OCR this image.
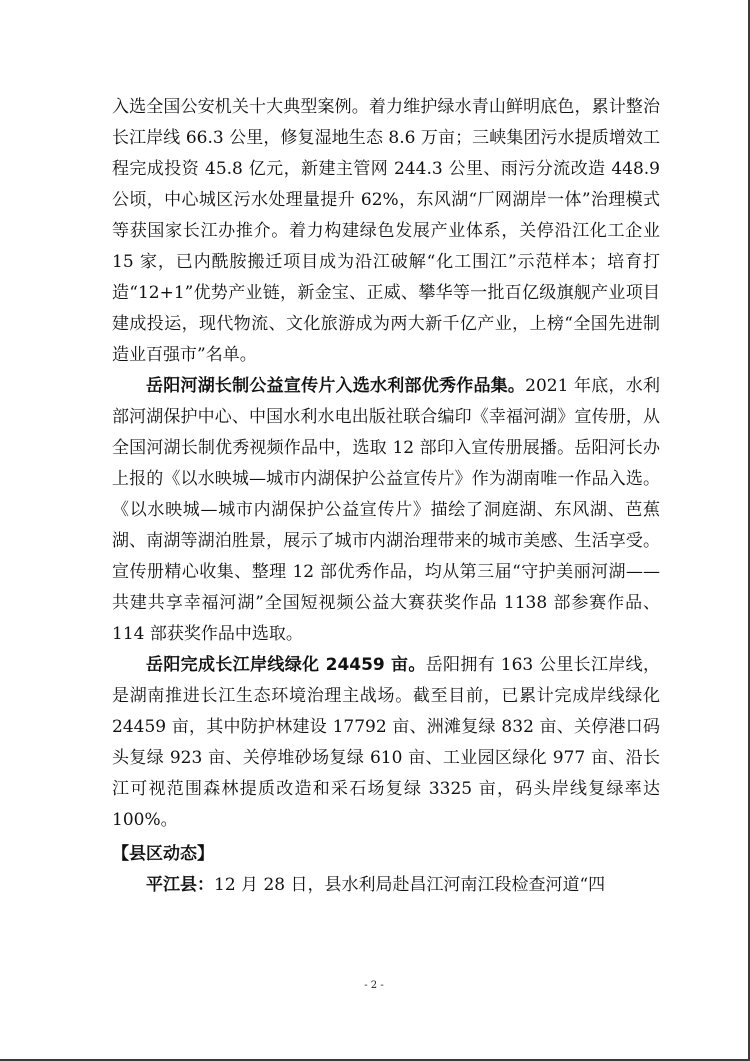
入选全国公安机关十大典型案例。着力维护绿水青山鲜明底色，累计整治长江岸线 66.3 公里，修复湿地生态 8.6 万亩；三峡集团污水提质增效工程完成投资 45.8 亿元，新建主管网 244.3 公里、雨污分流改造 448.9 公顷，中心城区污水处理量提升 62%，东风湖“厂网湖岸一体”治理模式等获国家长江办推介。着力构建绿色发展产业体系，关停沿江化工企业 15 家，已内酰胺搬迁项目成为沿江破解“化工围江”示范样本；培育打造“12+1”优势产业链，新金宝、正威、攀华等一批百亿级旗舰产业项目建成投运，现代物流、文化旅游成为两大新千亿产业，上榜“全国先进制造业百强市”名单。

岳阳河湖长制公益宣传片入选水利部优秀作品集。2021 年底，水利部河湖保护中心、中国水利水电出版社联合编印《幸福河湖》宣传册，从全国河湖长制优秀视频作品中，选取 12 部印入宣传册展播。岳阳河长办上报的《以水映城—城市内湖保护公益宣传片》作为湖南唯一作品入选。《以水映城—城市内湖保护公益宣传片》描绘了洞庭湖、东风湖、芭蕉湖、南湖等湖泊胜景，展示了城市内湖治理带来的城市美感、生活享受。宣传册精心收集、整理 12 部优秀作品，均从第三届“守护美丽河湖——共建共享幸福河湖”全国短视频公益大赛获奖作品 1138 部参赛作品、114 部获奖作品中选取。

岳阳完成长江岸线绿化 24459 亩。岳阳拥有 163 公里长江岸线，是湖南推进长江生态环境治理主战场。截至目前，已累计完成岸线绿化 24459 亩，其中防护林建设 17792 亩、洲滩复绿 832 亩、关停港口码头复绿 923 亩、关停堆砂场复绿 610 亩、工业园区绿化 977 亩、沿长江可视范围森林提质改造和采石场复绿 3325 亩，码头岸线复绿率达 100%。

【县区动态】

平江县：12 月 28 日，县水利局赴昌江河南江段检查河道“四

- 2 -
